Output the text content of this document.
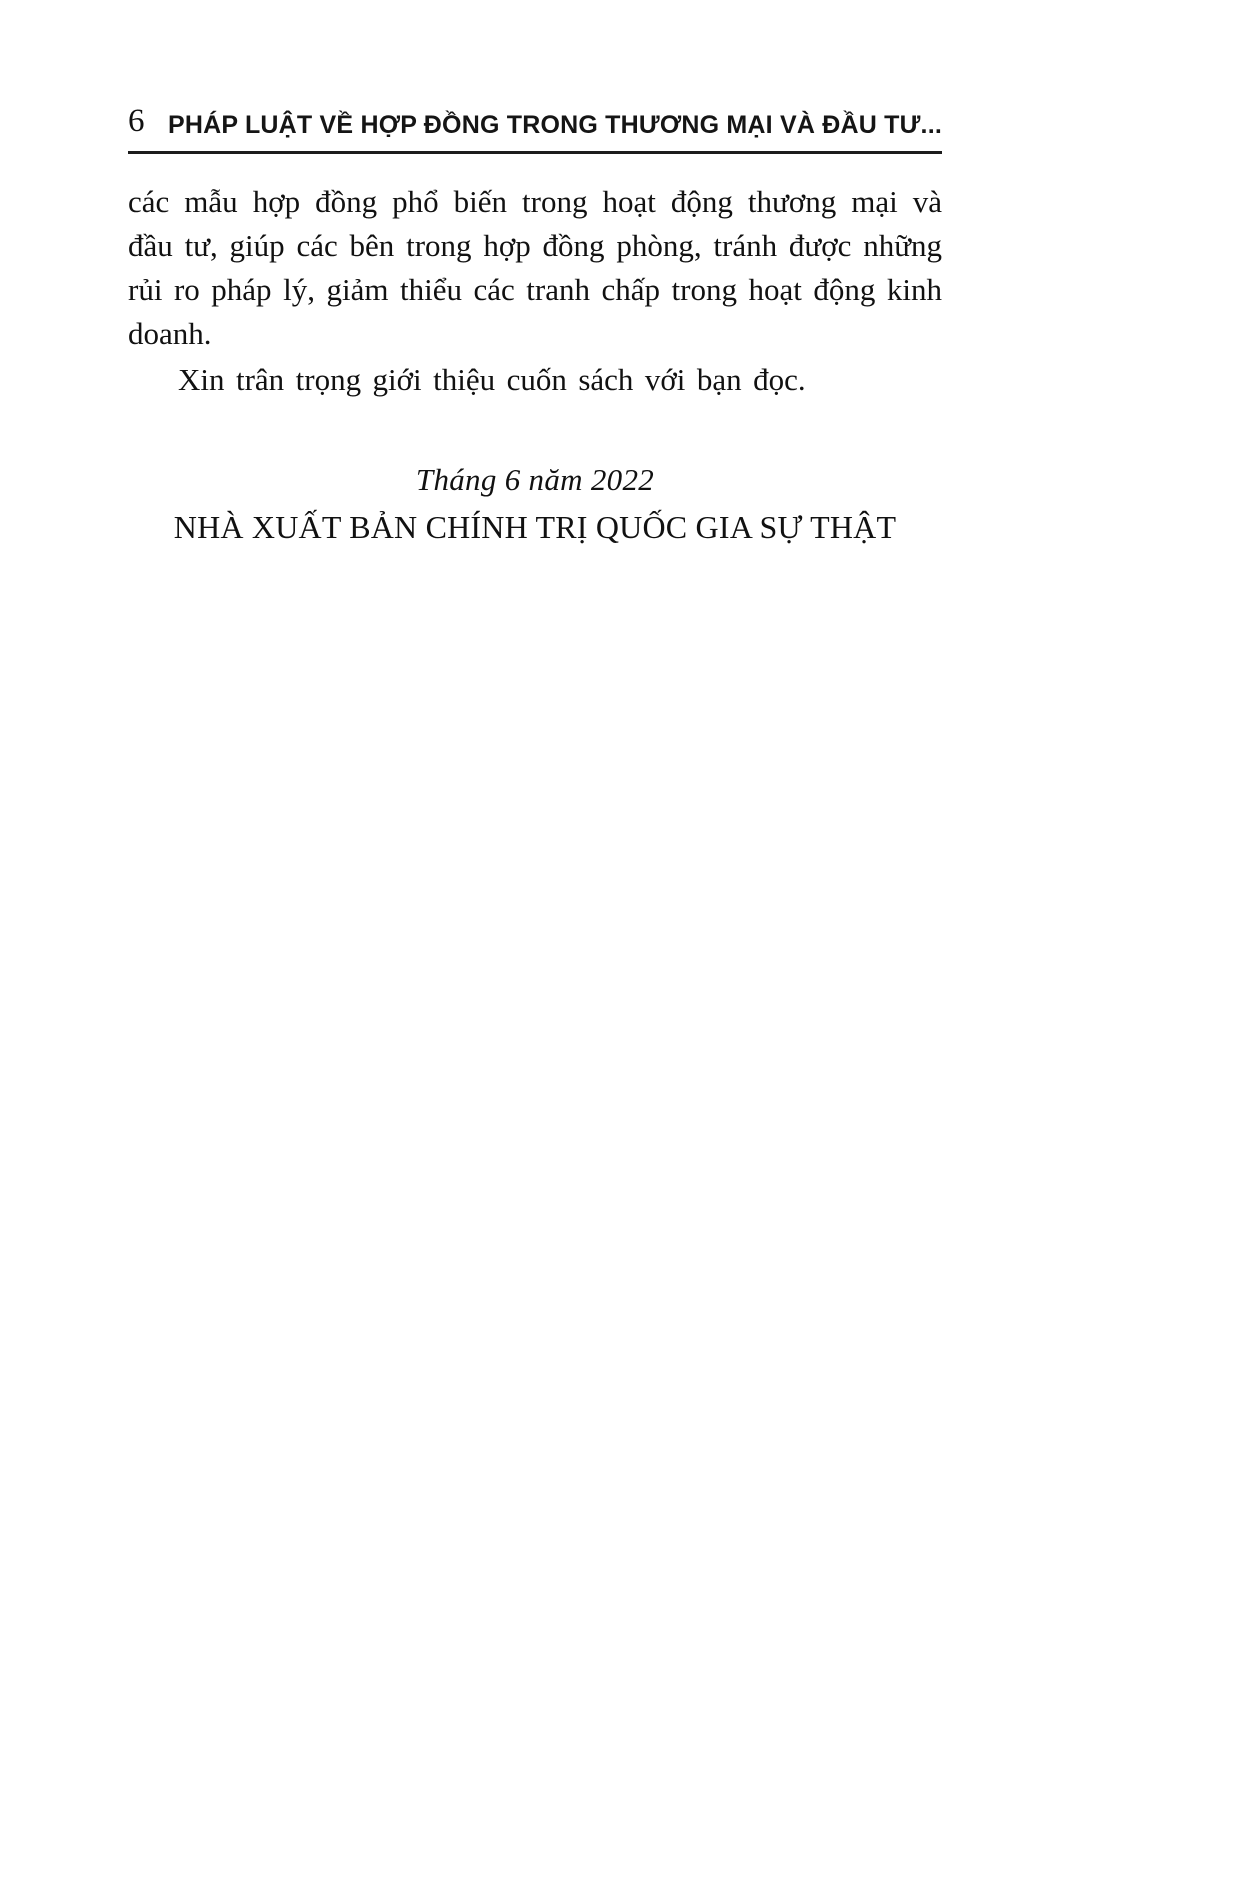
6 PHÁP LUẬT VỀ HỢP ĐỒNG TRONG THƯƠNG MẠI VÀ ĐẦU TƯ...

các mẫu hợp đồng phổ biến trong hoạt động thương mại và đầu tư, giúp các bên trong hợp đồng phòng, tránh được những rủi ro pháp lý, giảm thiểu các tranh chấp trong hoạt động kinh doanh.

Xin trân trọng giới thiệu cuốn sách với bạn đọc.

Tháng 6 năm 2022
NHÀ XUẤT BẢN CHÍNH TRỊ QUỐC GIA SỰ THẬT
